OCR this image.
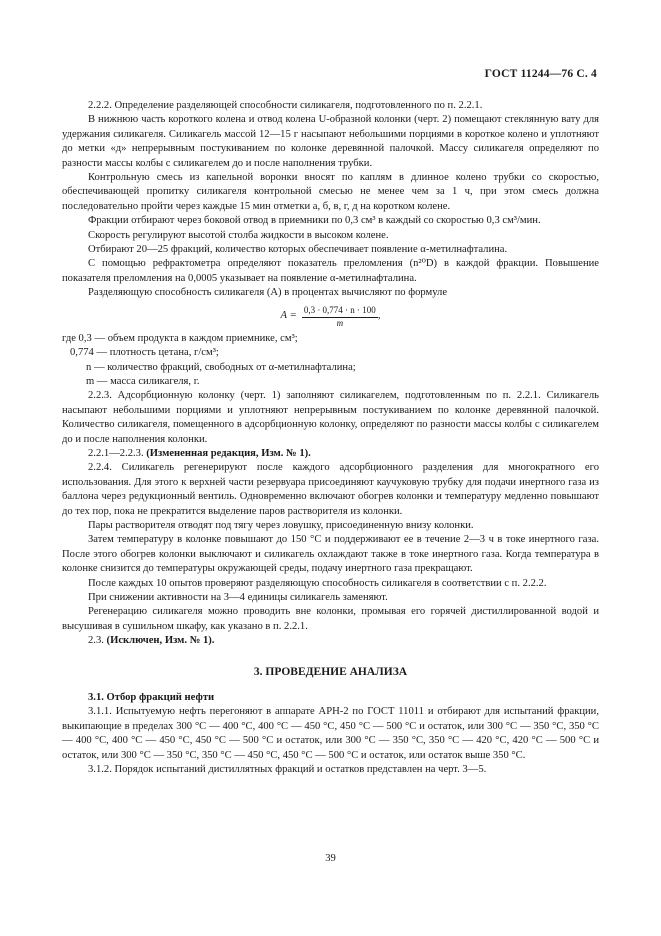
ГОСТ 11244—76 С. 4

2.2.2. Определение разделяющей способности силикагеля, подготовленного по п. 2.2.1.

В нижнюю часть короткого колена и отвод колена U-образной колонки (черт. 2) помещают стеклянную вату для удержания силикагеля. Силикагель массой 12—15 г насыпают небольшими порциями в короткое колено и уплотняют до метки «д» непрерывным постукиванием по колонке деревянной палочкой. Массу силикагеля определяют по разности массы колбы с силикагелем до и после наполнения трубки.

Контрольную смесь из капельной воронки вносят по каплям в длинное колено трубки со скоростью, обеспечивающей пропитку силикагеля контрольной смесью не менее чем за 1 ч, при этом смесь должна последовательно пройти через каждые 15 мин отметки а, б, в, г, д на коротком колене.

Фракции отбирают через боковой отвод в приемники по 0,3 см³ в каждый со скоростью 0,3 см³/мин.

Скорость регулируют высотой столба жидкости в высоком колене.

Отбирают 20—25 фракций, количество которых обеспечивает появление α-метилнафталина.

С помощью рефрактометра определяют показатель преломления (n²⁰D) в каждой фракции. Повышение показателя преломления на 0,0005 указывает на появление α-метилнафталина.

Разделяющую способность силикагеля (А) в процентах вычисляют по формуле

$А = \frac{0,3 \cdot 0,774 \cdot n \cdot 100}{m}$ ,

где 0,3 — объем продукта в каждом приемнике, см³;

0,774 — плотность цетана, г/см³;

n — количество фракций, свободных от α-метилнафталина;

m — масса силикагеля, г.

2.2.3. Адсорбционную колонку (черт. 1) заполняют силикагелем, подготовленным по п. 2.2.1. Силикагель насыпают небольшими порциями и уплотняют непрерывным постукиванием по колонке деревянной палочкой. Количество силикагеля, помещенного в адсорбционную колонку, определяют по разности массы колбы с силикагелем до и после наполнения колонки.

2.2.1—2.2.3. (Измененная редакция, Изм. № 1).

2.2.4. Силикагель регенерируют после каждого адсорбционного разделения для многократного его использования. Для этого к верхней части резервуара присоединяют каучуковую трубку для подачи инертного газа из баллона через редукционный вентиль. Одновременно включают обогрев колонки и температуру медленно повышают до тех пор, пока не прекратится выделение паров растворителя из колонки.

Пары растворителя отводят под тягу через ловушку, присоединенную внизу колонки.

Затем температуру в колонке повышают до 150 °С и поддерживают ее в течение 2—3 ч в токе инертного газа. После этого обогрев колонки выключают и силикагель охлаждают также в токе инертного газа. Когда температура в колонке снизится до температуры окружающей среды, подачу инертного газа прекращают.

После каждых 10 опытов проверяют разделяющую способность силикагеля в соответствии с п. 2.2.2.

При снижении активности на 3—4 единицы силикагель заменяют.

Регенерацию силикагеля можно проводить вне колонки, промывая его горячей дистиллированной водой и высушивая в сушильном шкафу, как указано в п. 2.2.1.

2.3. (Исключен, Изм. № 1).

3. ПРОВЕДЕНИЕ АНАЛИЗА

3.1. Отбор фракций нефти

3.1.1. Испытуемую нефть перегоняют в аппарате АРН-2 по ГОСТ 11011 и отбирают для испытаний фракции, выкипающие в пределах 300 °С — 400 °С, 400 °С — 450 °С, 450 °С — 500 °С и остаток, или 300 °С — 350 °С, 350 °С — 400 °С, 400 °С — 450 °С, 450 °С — 500 °С и остаток, или 300 °С — 350 °С, 350 °С — 420 °С, 420 °С — 500 °С и остаток, или 300 °С — 350 °С, 350 °С — 450 °С, 450 °С — 500 °С и остаток, или остаток выше 350 °С.

3.1.2. Порядок испытаний дистиллятных фракций и остатков представлен на черт. 3—5.

39
